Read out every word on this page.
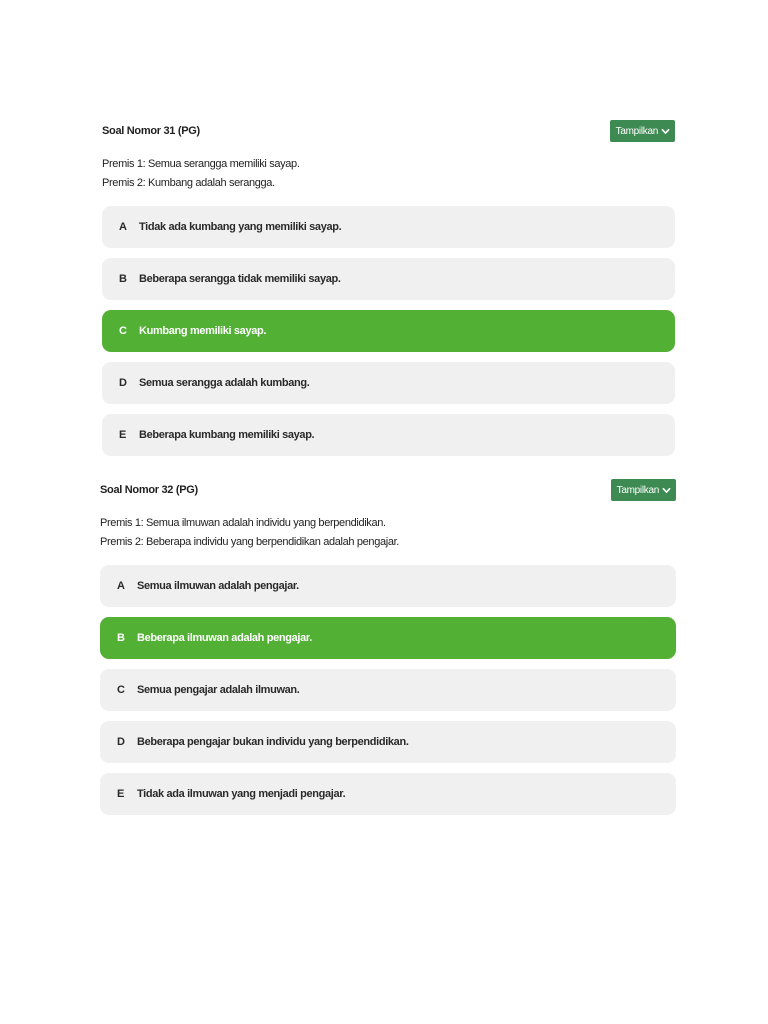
Soal Nomor 31 (PG)	Tampilkan
Premis 1: Semua serangga memiliki sayap.
Premis 2: Kumbang adalah serangga.
A	Tidak ada kumbang yang memiliki sayap.
B	Beberapa serangga tidak memiliki sayap.
C	Kumbang memiliki sayap.
D	Semua serangga adalah kumbang.
E	Beberapa kumbang memiliki sayap.
Soal Nomor 32 (PG)	Tampilkan
Premis 1: Semua ilmuwan adalah individu yang berpendidikan.
Premis 2: Beberapa individu yang berpendidikan adalah pengajar.
A	Semua ilmuwan adalah pengajar.
B	Beberapa ilmuwan adalah pengajar.
C	Semua pengajar adalah ilmuwan.
D	Beberapa pengajar bukan individu yang berpendidikan.
E	Tidak ada ilmuwan yang menjadi pengajar.
